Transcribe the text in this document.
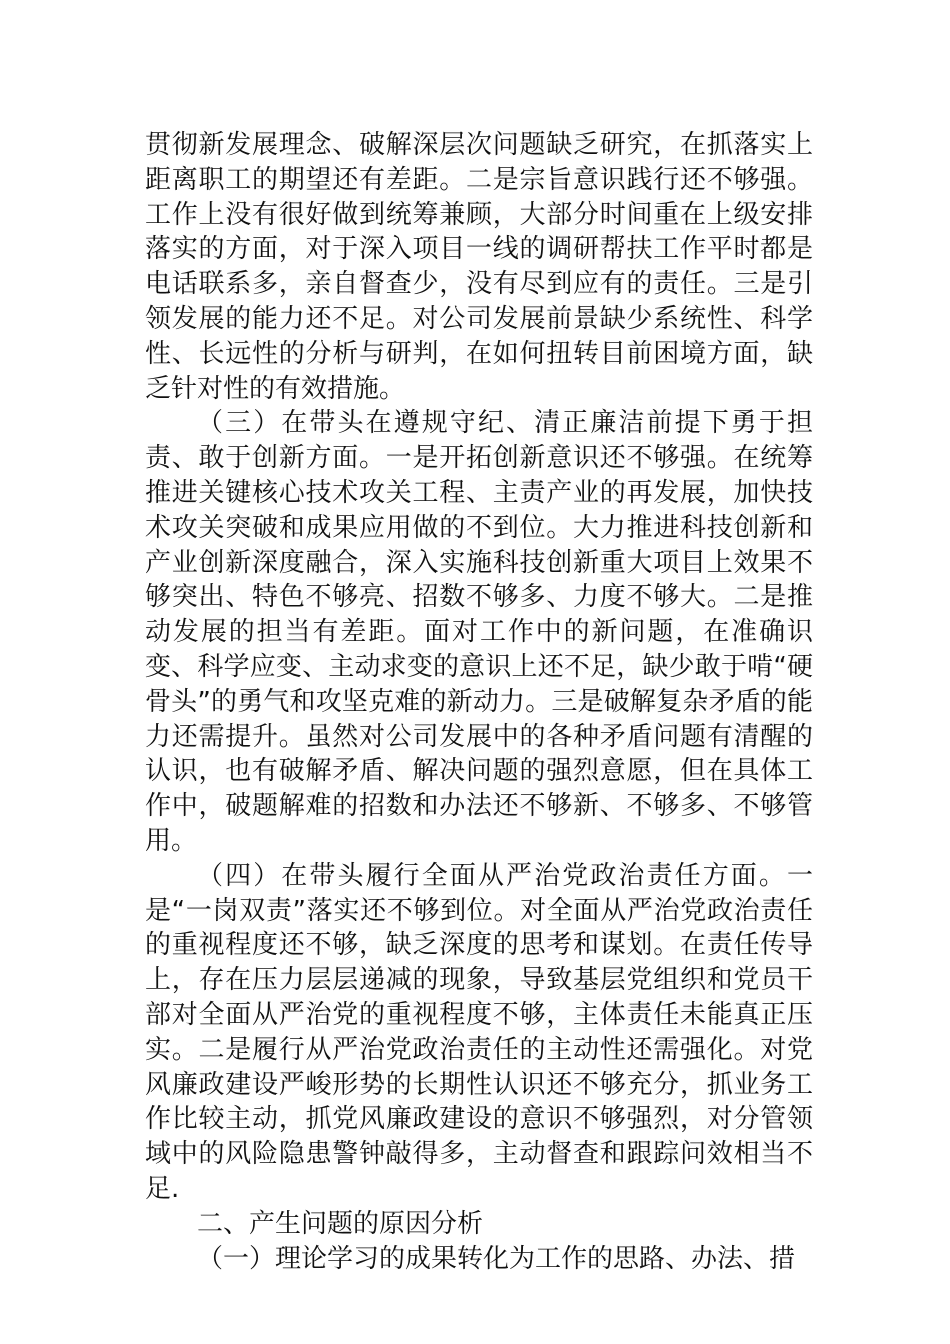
贯彻新发展理念、破解深层次问题缺乏研究，在抓落实上距离职工的期望还有差距。二是宗旨意识践行还不够强。工作上没有很好做到统筹兼顾，大部分时间重在上级安排落实的方面，对于深入项目一线的调研帮扶工作平时都是电话联系多，亲自督查少，没有尽到应有的责任。三是引领发展的能力还不足。对公司发展前景缺少系统性、科学性、长远性的分析与研判，在如何扭转目前困境方面，缺乏针对性的有效措施。

（三）在带头在遵规守纪、清正廉洁前提下勇于担责、敢于创新方面。一是开拓创新意识还不够强。在统筹推进关键核心技术攻关工程、主责产业的再发展，加快技术攻关突破和成果应用做的不到位。大力推进科技创新和产业创新深度融合，深入实施科技创新重大项目上效果不够突出、特色不够亮、招数不够多、力度不够大。二是推动发展的担当有差距。面对工作中的新问题，在准确识变、科学应变、主动求变的意识上还不足，缺少敢于啃“硬骨头”的勇气和攻坚克难的新动力。三是破解复杂矛盾的能力还需提升。虽然对公司发展中的各种矛盾问题有清醒的认识，也有破解矛盾、解决问题的强烈意愿，但在具体工作中，破题解难的招数和办法还不够新、不够多、不够管用。

（四）在带头履行全面从严治党政治责任方面。一是“一岗双责”落实还不够到位。对全面从严治党政治责任的重视程度还不够，缺乏深度的思考和谋划。在责任传导上，存在压力层层递减的现象，导致基层党组织和党员干部对全面从严治党的重视程度不够，主体责任未能真正压实。二是履行从严治党政治责任的主动性还需强化。对党风廉政建设严峻形势的长期性认识还不够充分，抓业务工作比较主动，抓党风廉政建设的意识不够强烈，对分管领域中的风险隐患警钟敲得多，主动督查和跟踪问效相当不足.

二、产生问题的原因分析

（一）理论学习的成果转化为工作的思路、办法、措
